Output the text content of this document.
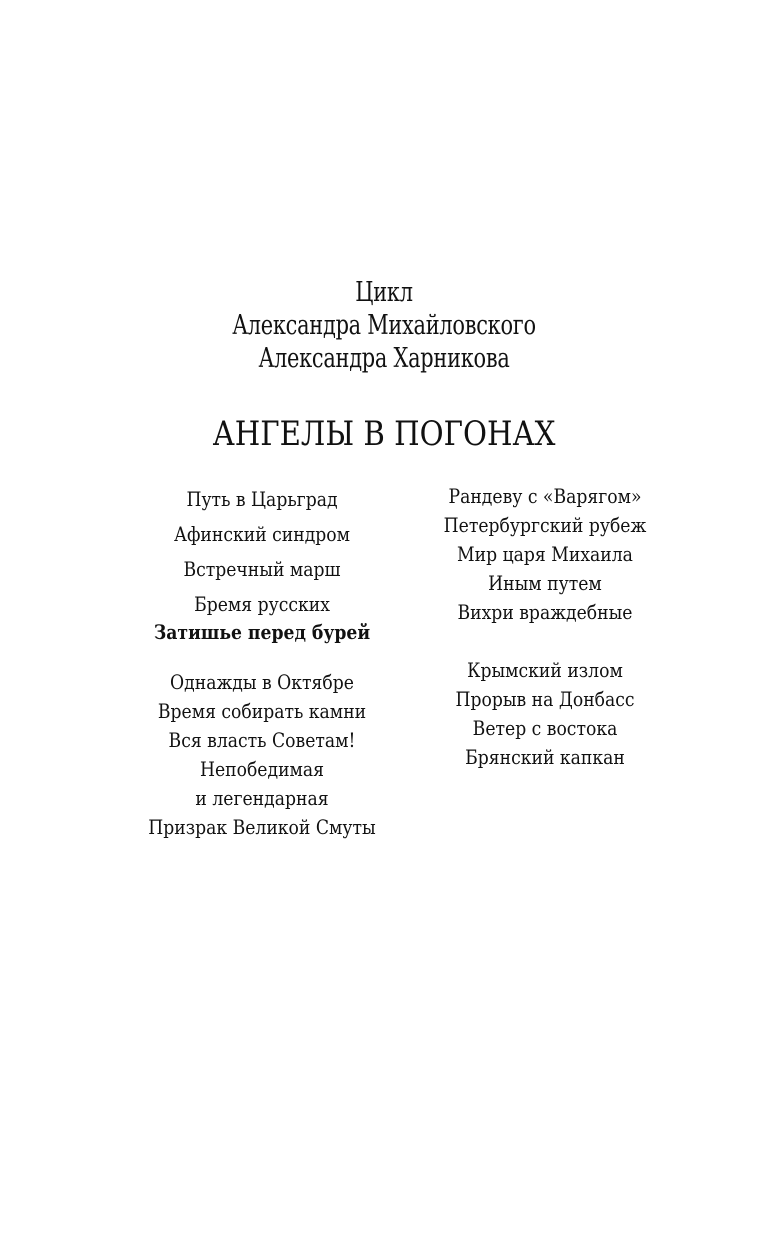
Цикл
Александра Михайловского
Александра Харникова
АНГЕЛЫ В ПОГОНАХ
Путь в Царьград
Афинский синдром
Встречный марш
Бремя русских
Затишье перед бурей
Однажды в Октябре
Время собирать камни
Вся власть Советам!
Непобедимая
и легендарная
Призрак Великой Смуты
Рандеву с «Варягом»
Петербургский рубеж
Мир царя Михаила
Иным путем
Вихри враждебные
Крымский излом
Прорыв на Донбасс
Ветер с востока
Брянский капкан
